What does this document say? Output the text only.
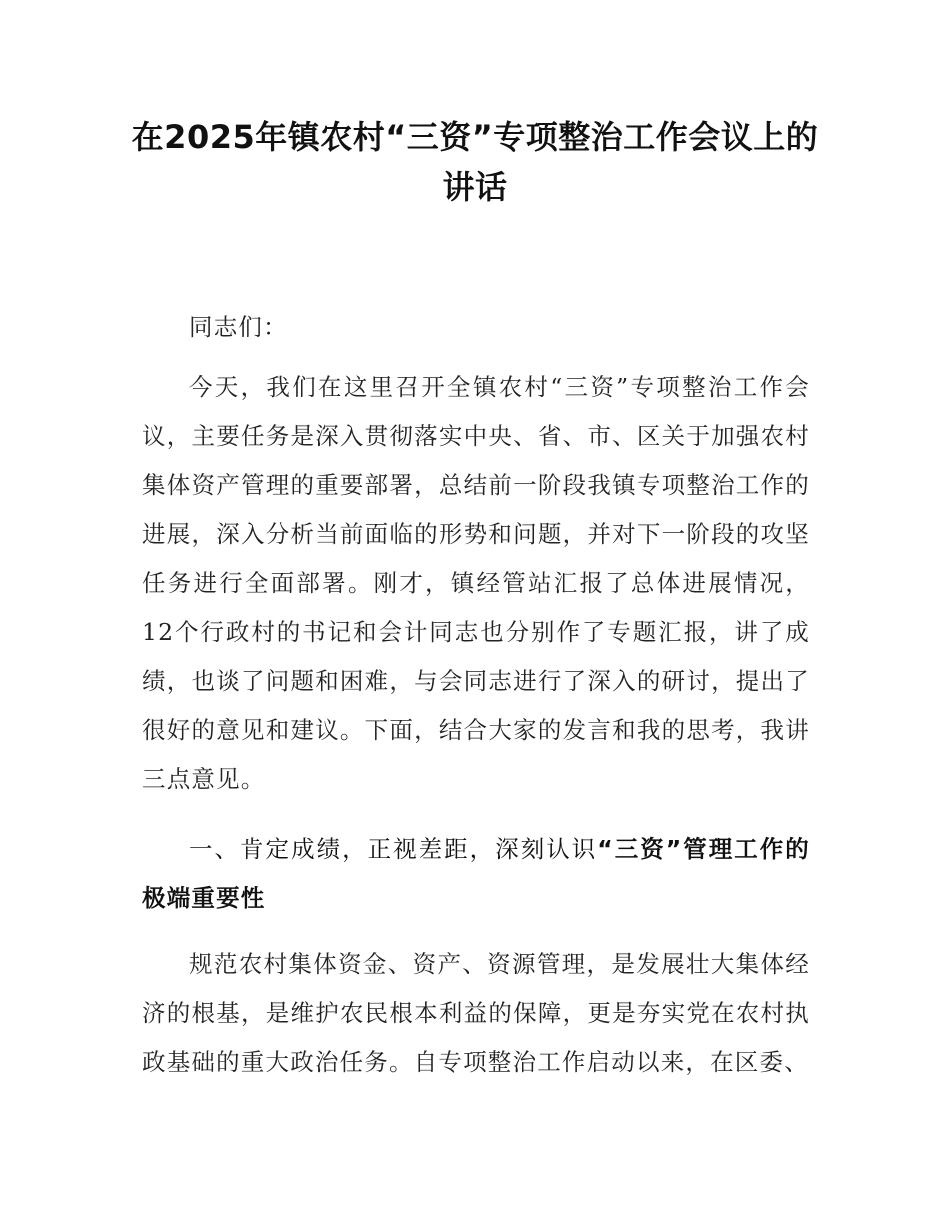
在2025年镇农村“三资”专项整治工作会议上的讲话

同志们：

今天，我们在这里召开全镇农村“三资”专项整治工作会议，主要任务是深入贯彻落实中央、省、市、区关于加强农村集体资产管理的重要部署，总结前一阶段我镇专项整治工作的进展，深入分析当前面临的形势和问题，并对下一阶段的攻坚任务进行全面部署。刚才，镇经管站汇报了总体进展情况，12个行政村的书记和会计同志也分别作了专题汇报，讲了成绩，也谈了问题和困难，与会同志进行了深入的研讨，提出了很好的意见和建议。下面，结合大家的发言和我的思考，我讲三点意见。

一、肯定成绩，正视差距，深刻认识“三资”管理工作的极端重要性

规范农村集体资金、资产、资源管理，是发展壮大集体经济的根基，是维护农民根本利益的保障，更是夯实党在农村执政基础的重大政治任务。自专项整治工作启动以来，在区委、
